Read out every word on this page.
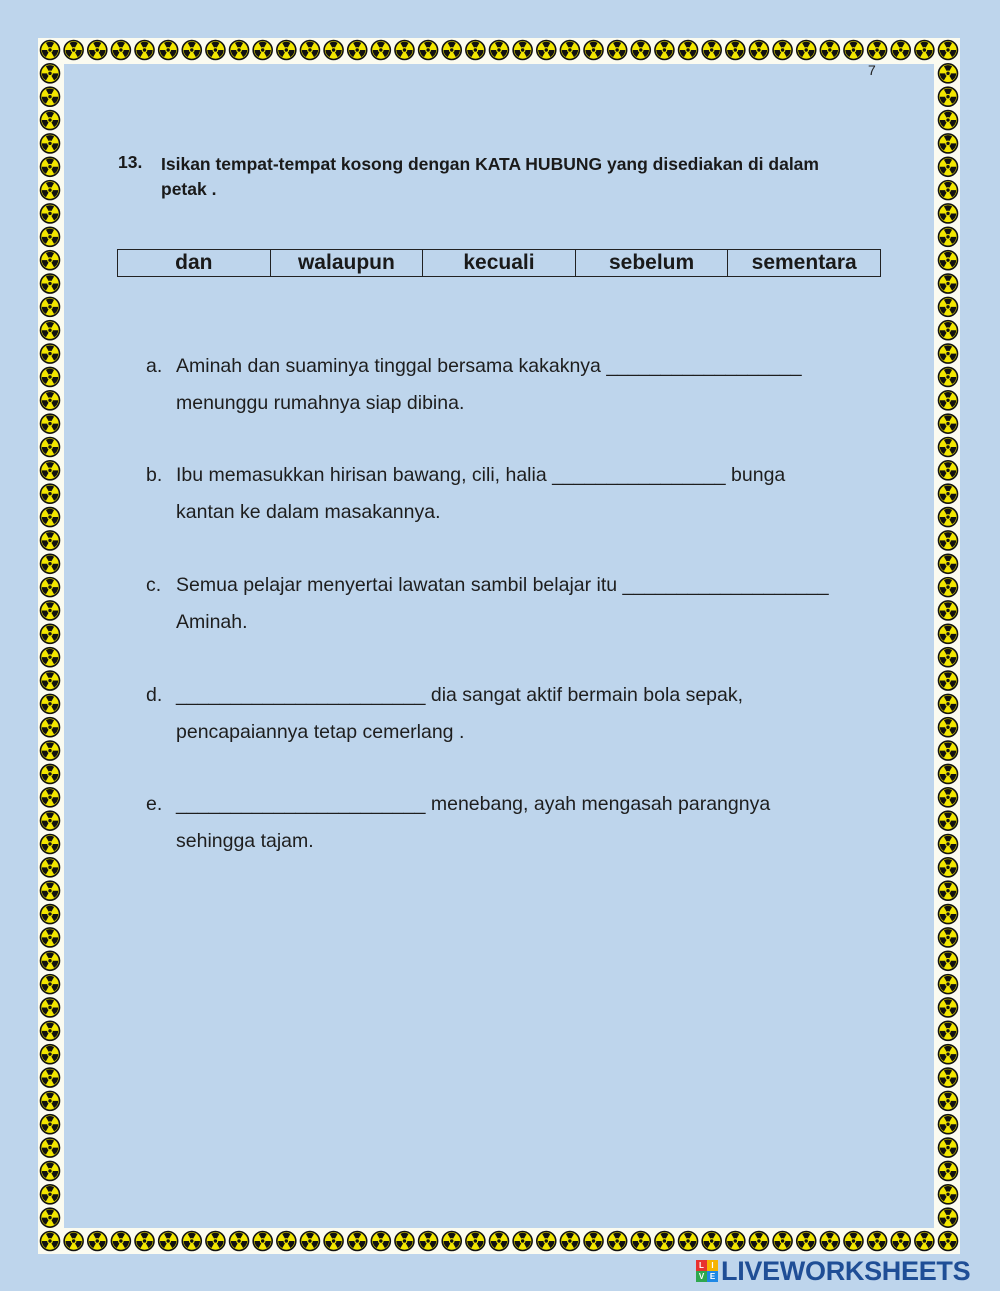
7
13. Isikan tempat-tempat kosong dengan KATA HUBUNG yang disediakan di dalam petak .
dan	walaupun	kecuali	sebelum	sementara
a. Aminah dan suaminya tinggal bersama kakaknya __________________
menunggu rumahnya siap dibina.
b. Ibu memasukkan hirisan bawang, cili, halia ________________ bunga
kantan ke dalam masakannya.
c. Semua pelajar menyertai lawatan sambil belajar itu ___________________
Aminah.
d. _______________________ dia sangat aktif bermain bola sepak,
pencapaiannya tetap cemerlang .
e. _______________________ menebang, ayah mengasah parangnya
sehingga tajam.
L I
V E LIVEWORKSHEETS
